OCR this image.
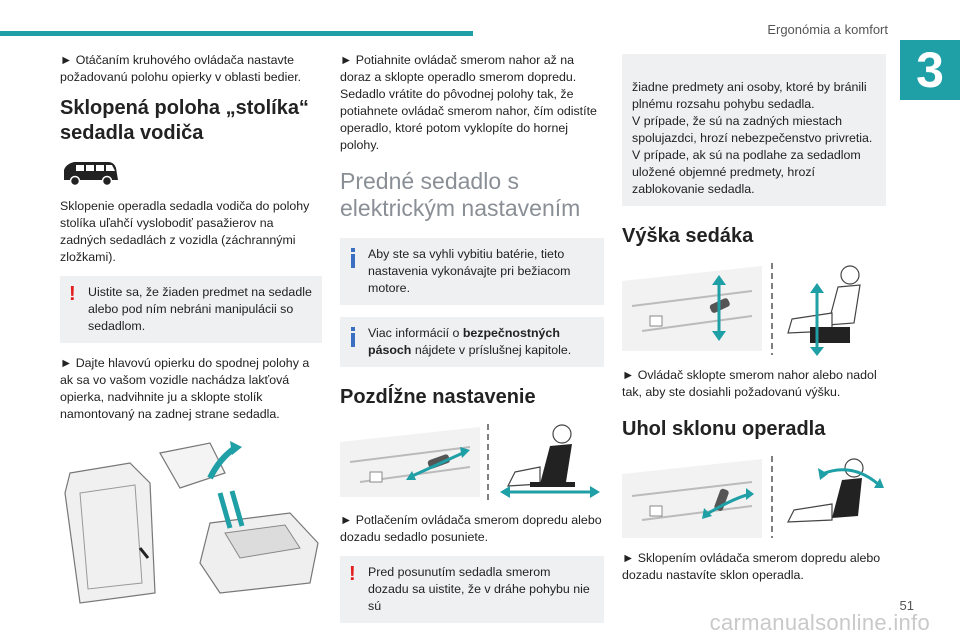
Ergonómia a komfort
3

► Otáčaním kruhového ovládača nastavte požadovanú polohu opierky v oblasti bedier.

Sklopená poloha „stolíka“ sedadla vodiča

Sklopenie operadla sedadla vodiča do polohy stolíka uľahčí vyslobodiť pasažierov na zadných sedadlách z vozidla (záchrannými zložkami).

! Uistite sa, že žiaden predmet na sedadle alebo pod ním nebráni manipulácii so sedadlom.

► Dajte hlavovú opierku do spodnej polohy a ak sa vo vašom vozidle nachádza lakťová opierka, nadvihnite ju a sklopte stolík namontovaný na zadnej strane sedadla.

► Potiahnite ovládač smerom nahor až na doraz a sklopte operadlo smerom dopredu. Sedadlo vrátite do pôvodnej polohy tak, že potiahnete ovládač smerom nahor, čím odistíte operadlo, ktoré potom vyklopíte do hornej polohy.

Predné sedadlo s elektrickým nastavením
Aby ste sa vyhli vybitiu batérie, tieto nastavenia vykonávajte pri bežiacom motore.
Viac informácií o bezpečnostných pásoch nájdete v príslušnej kapitole.
Pozdĺžne nastavenie

► Potlačením ovládača smerom dopredu alebo dozadu sedadlo posuniete.

! Pred posunutím sedadla smerom dozadu sa uistite, že v dráhe pohybu nie sú

žiadne predmety ani osoby, ktoré by bránili plnému rozsahu pohybu sedadla.
V prípade, že sú na zadných miestach spolujazdci, hrozí nebezpečenstvo privretia. V prípade, ak sú na podlahe za sedadlom uložené objemné predmety, hrozí zablokovanie sedadla.

Výška sedáka

► Ovládač sklopte smerom nahor alebo nadol tak, aby ste dosiahli požadovanú výšku.

Uhol sklonu operadla

► Sklopením ovládača smerom dopredu alebo dozadu nastavíte sklon operadla.

carmanualsonline.info
51
